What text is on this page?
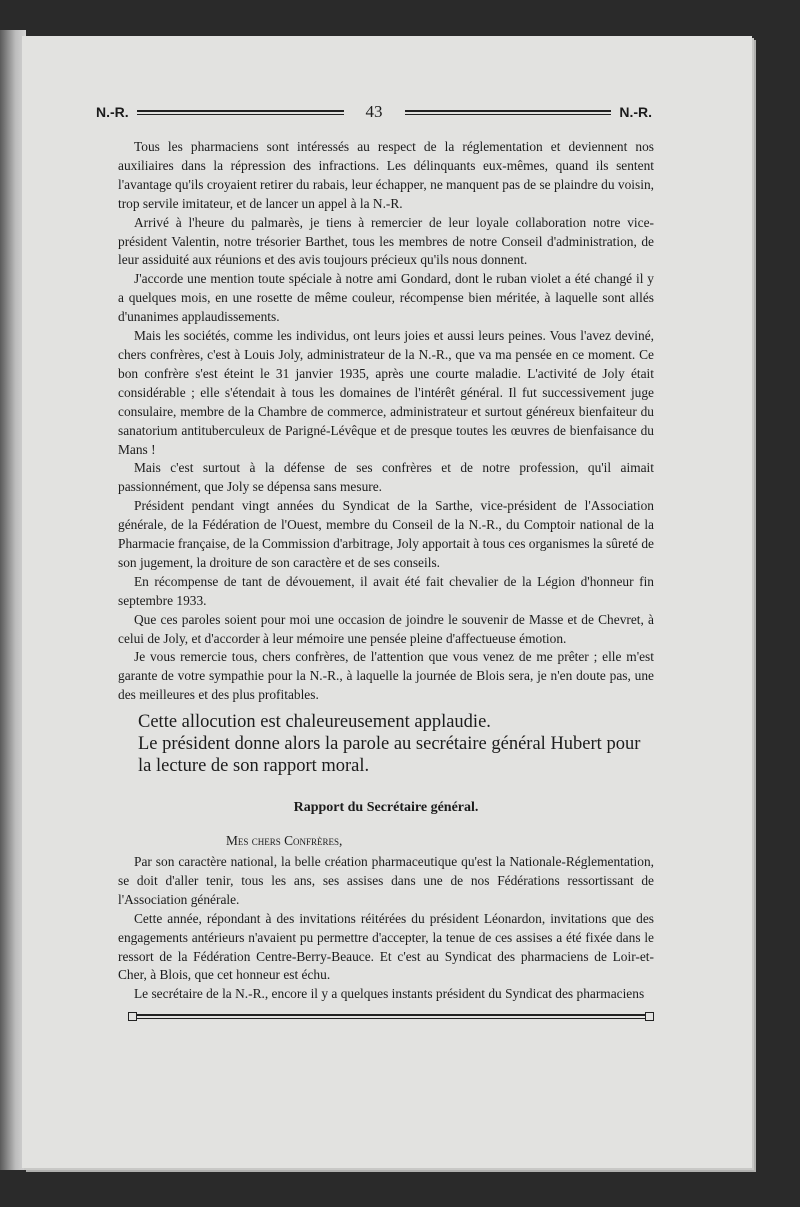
N.-R.	43	N.-R.

Tous les pharmaciens sont intéressés au respect de la réglementation et deviennent nos auxiliaires dans la répression des infractions. Les délinquants eux-mêmes, quand ils sentent l'avantage qu'ils croyaient retirer du rabais, leur échapper, ne manquent pas de se plaindre du voisin, trop servile imitateur, et de lancer un appel à la N.-R.

Arrivé à l'heure du palmarès, je tiens à remercier de leur loyale collaboration notre vice-président Valentin, notre trésorier Barthet, tous les membres de notre Conseil d'administration, de leur assiduité aux réunions et des avis toujours précieux qu'ils nous donnent.

J'accorde une mention toute spéciale à notre ami Gondard, dont le ruban violet a été changé il y a quelques mois, en une rosette de même couleur, récompense bien méritée, à laquelle sont allés d'unanimes applaudissements.

Mais les sociétés, comme les individus, ont leurs joies et aussi leurs peines. Vous l'avez deviné, chers confrères, c'est à Louis Joly, administrateur de la N.-R., que va ma pensée en ce moment. Ce bon confrère s'est éteint le 31 janvier 1935, après une courte maladie. L'activité de Joly était considérable ; elle s'étendait à tous les domaines de l'intérêt général. Il fut successivement juge consulaire, membre de la Chambre de commerce, administrateur et surtout généreux bienfaiteur du sanatorium antituberculeux de Parigné-Lévêque et de presque toutes les œuvres de bienfaisance du Mans !

Mais c'est surtout à la défense de ses confrères et de notre profession, qu'il aimait passionnément, que Joly se dépensa sans mesure.

Président pendant vingt années du Syndicat de la Sarthe, vice-président de l'Association générale, de la Fédération de l'Ouest, membre du Conseil de la N.-R., du Comptoir national de la Pharmacie française, de la Commission d'arbitrage, Joly apportait à tous ces organismes la sûreté de son jugement, la droiture de son caractère et de ses conseils.

En récompense de tant de dévouement, il avait été fait chevalier de la Légion d'honneur fin septembre 1933.

Que ces paroles soient pour moi une occasion de joindre le souvenir de Masse et de Chevret, à celui de Joly, et d'accorder à leur mémoire une pensée pleine d'affectueuse émotion.

Je vous remercie tous, chers confrères, de l'attention que vous venez de me prêter ; elle m'est garante de votre sympathie pour la N.-R., à laquelle la journée de Blois sera, je n'en doute pas, une des meilleures et des plus profitables.

Cette allocution est chaleureusement applaudie.

Le président donne alors la parole au secrétaire général Hubert pour la lecture de son rapport moral.

Rapport du Secrétaire général.
Mes chers Confrères,

Par son caractère national, la belle création pharmaceutique qu'est la Nationale-Réglementation, se doit d'aller tenir, tous les ans, ses assises dans une de nos Fédérations ressortissant de l'Association générale.

Cette année, répondant à des invitations réitérées du président Léonardon, invitations que des engagements antérieurs n'avaient pu permettre d'accepter, la tenue de ces assises a été fixée dans le ressort de la Fédération Centre-Berry-Beauce. Et c'est au Syndicat des pharmaciens de Loir-et-Cher, à Blois, que cet honneur est échu.

Le secrétaire de la N.-R., encore il y a quelques instants président du Syndicat des pharmaciens
